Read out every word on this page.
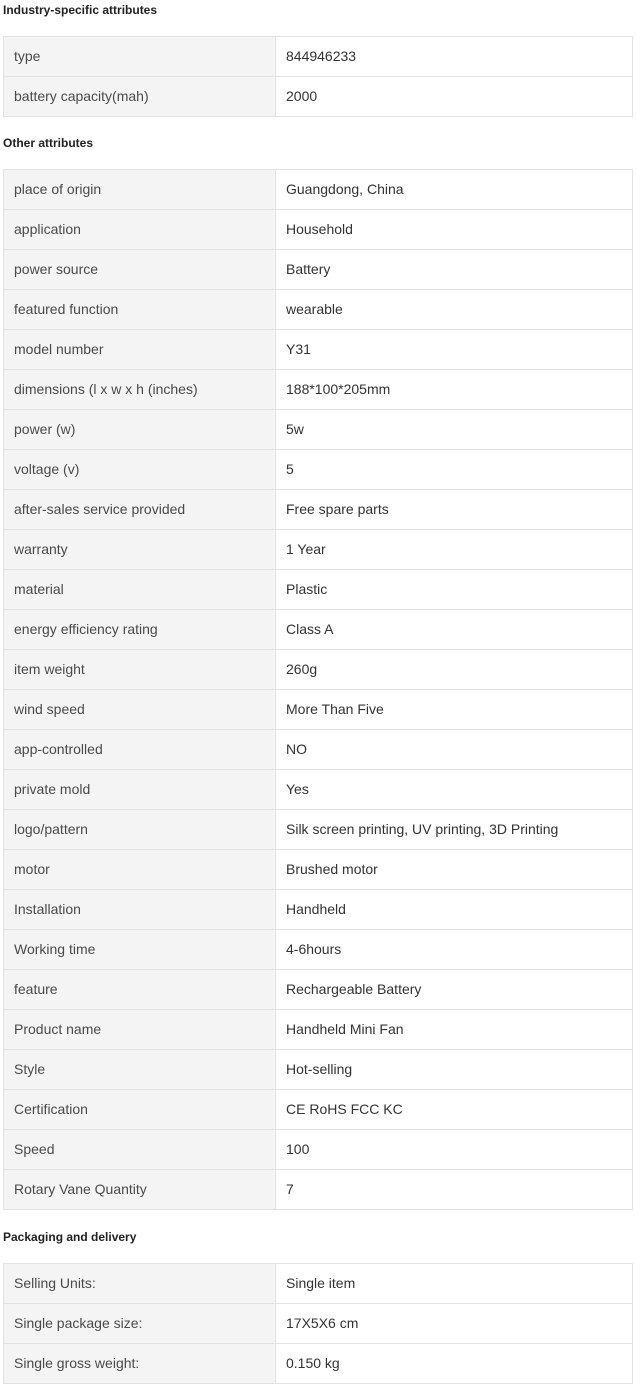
Industry-specific attributes
type	844946233
battery capacity(mah)	2000
Other attributes
place of origin	Guangdong, China
application	Household
power source	Battery
featured function	wearable
model number	Y31
dimensions (l x w x h (inches)	188*100*205mm
power (w)	5w
voltage (v)	5
after-sales service provided	Free spare parts
warranty	1 Year
material	Plastic
energy efficiency rating	Class A
item weight	260g
wind speed	More Than Five
app-controlled	NO
private mold	Yes
logo/pattern	Silk screen printing, UV printing, 3D Printing
motor	Brushed motor
Installation	Handheld
Working time	4-6hours
feature	Rechargeable Battery
Product name	Handheld Mini Fan
Style	Hot-selling
Certification	CE RoHS FCC KC
Speed	100
Rotary Vane Quantity	7
Packaging and delivery
Selling Units:	Single item
Single package size:	17X5X6 cm
Single gross weight:	0.150 kg
